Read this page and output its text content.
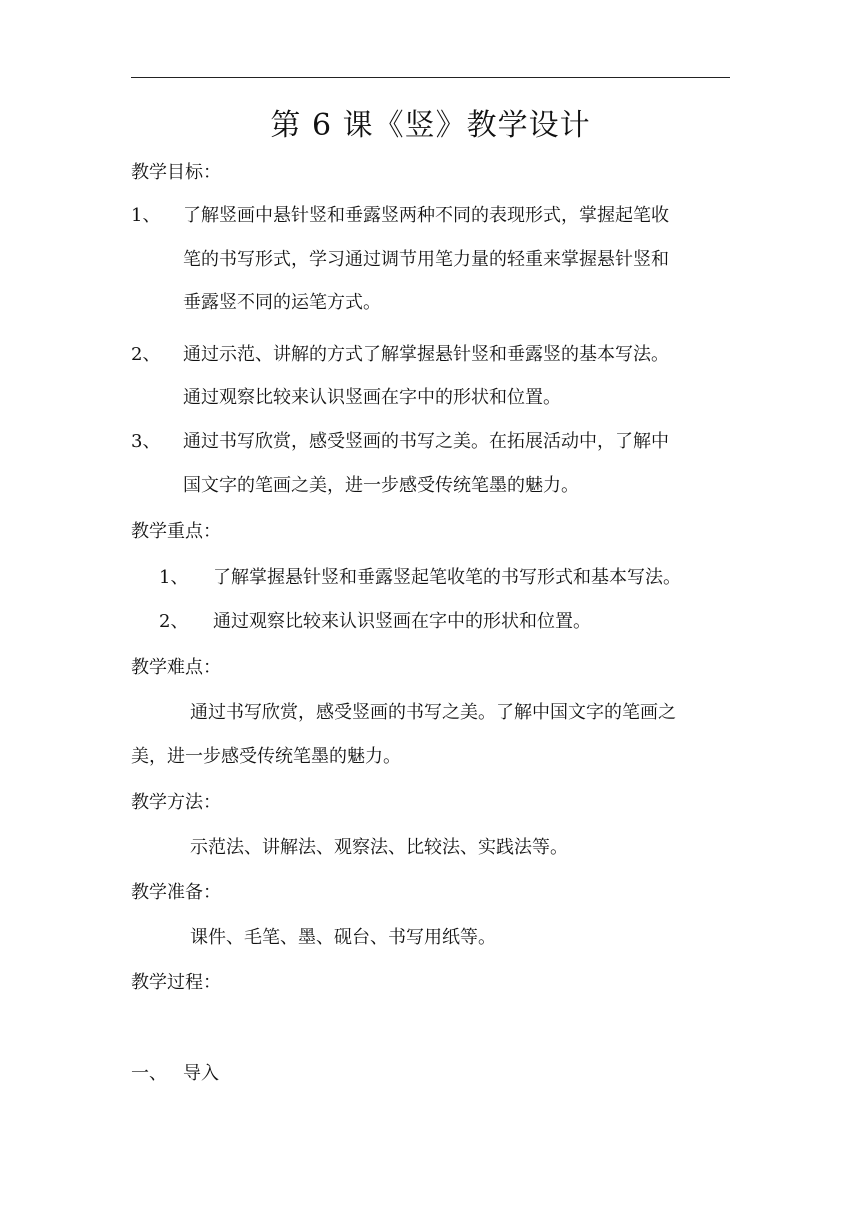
第 6 课《竖》教学设计
教学目标：
1、 了解竖画中悬针竖和垂露竖两种不同的表现形式，掌握起笔收
笔的书写形式，学习通过调节用笔力量的轻重来掌握悬针竖和
垂露竖不同的运笔方式。
2、 通过示范、讲解的方式了解掌握悬针竖和垂露竖的基本写法。
通过观察比较来认识竖画在字中的形状和位置。
3、 通过书写欣赏，感受竖画的书写之美。在拓展活动中，了解中
国文字的笔画之美，进一步感受传统笔墨的魅力。
教学重点：
1、 了解掌握悬针竖和垂露竖起笔收笔的书写形式和基本写法。
2、 通过观察比较来认识竖画在字中的形状和位置。
教学难点：
通过书写欣赏，感受竖画的书写之美。了解中国文字的笔画之
美，进一步感受传统笔墨的魅力。
教学方法：
示范法、讲解法、观察法、比较法、实践法等。
教学准备：
课件、毛笔、墨、砚台、书写用纸等。
教学过程：
一、 导入
